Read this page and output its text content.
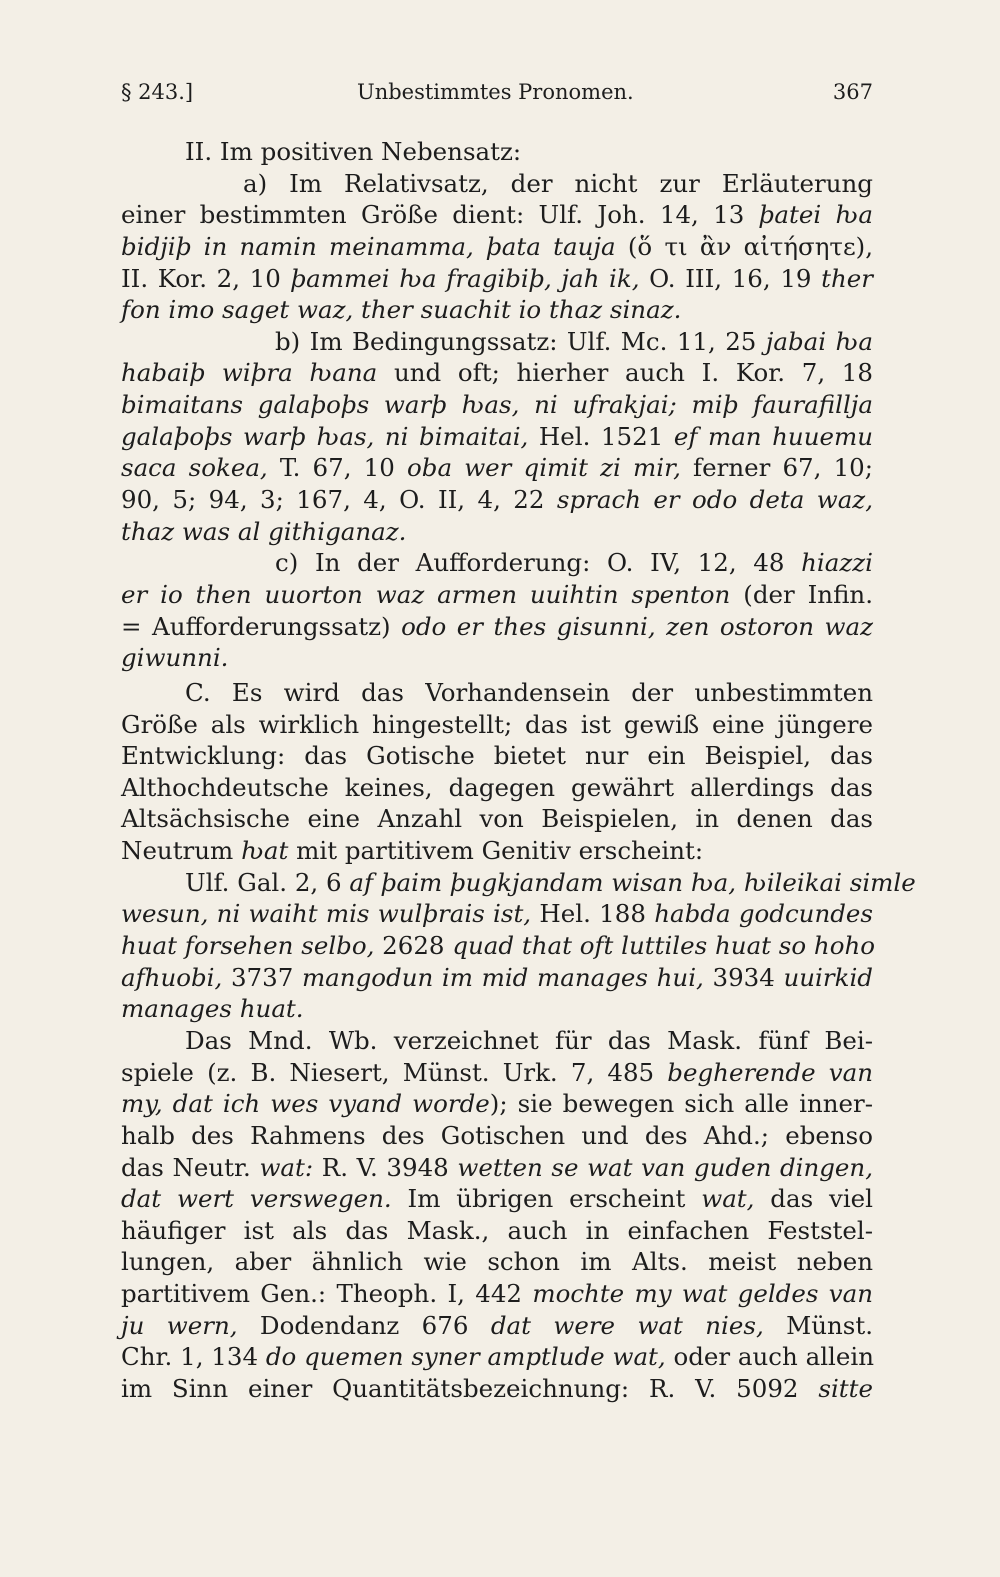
§ 243.]	Unbestimmtes Pronomen.	367
II. Im positiven Nebensatz:
a) Im Relativsatz, der nicht zur Erläuterung
einer bestimmten Größe dient: Ulf. Joh. 14, 13 þatei ƕa
bidjiþ in namin meinamma, þata tauja (ὅ τι ἂν αἰτήσητε),
II. Kor. 2, 10 þammei ƕa fragibiþ, jah ik, O. III, 16, 19 ther
fon imo saget waz, ther suachit io thaz sinaz.
b) Im Bedingungssatz: Ulf. Mc. 11, 25 jabai ƕa
habaiþ wiþra ƕana und oft; hierher auch I. Kor. 7, 18
bimaitans galaþoþs warþ ƕas, ni ufrakjai; miþ faurafillja
galaþoþs warþ ƕas, ni bimaitai, Hel. 1521 ef man huuemu
saca sokea, T. 67, 10 oba wer qimit zi mir, ferner 67, 10;
90, 5; 94, 3; 167, 4, O. II, 4, 22 sprach er odo deta waz,
thaz was al githiganaz.
c) In der Aufforderung: O. IV, 12, 48 hiazzi
er io then uuorton waz armen uuihtin spenton (der Infin.
= Aufforderungssatz) odo er thes gisunni, zen ostoron waz
giwunni.
C. Es wird das Vorhandensein der unbestimmten
Größe als wirklich hingestellt; das ist gewiß eine jüngere
Entwicklung: das Gotische bietet nur ein Beispiel, das
Althochdeutsche keines, dagegen gewährt allerdings das
Altsächsische eine Anzahl von Beispielen, in denen das
Neutrum ƕat mit partitivem Genitiv erscheint:
Ulf. Gal. 2, 6 af þaim þugkjandam wisan ƕa, ƕileikai simle
wesun, ni waiht mis wulþrais ist, Hel. 188 habda godcundes
huat forsehen selbo, 2628 quad that oft luttiles huat so hoho
afhuobi, 3737 mangodun im mid manages hui, 3934 uuirkid
manages huat.
Das Mnd. Wb. verzeichnet für das Mask. fünf Bei-
spiele (z. B. Niesert, Münst. Urk. 7, 485 begherende van
my, dat ich wes vyand worde); sie bewegen sich alle inner-
halb des Rahmens des Gotischen und des Ahd.; ebenso
das Neutr. wat: R. V. 3948 wetten se wat van guden dingen,
dat wert verswegen. Im übrigen erscheint wat, das viel
häufiger ist als das Mask., auch in einfachen Feststel-
lungen, aber ähnlich wie schon im Alts. meist neben
partitivem Gen.: Theoph. I, 442 mochte my wat geldes van
ju wern, Dodendanz 676 dat were wat nies, Münst.
Chr. 1, 134 do quemen syner amptlude wat, oder auch allein
im Sinn einer Quantitätsbezeichnung: R. V. 5092 sitte
